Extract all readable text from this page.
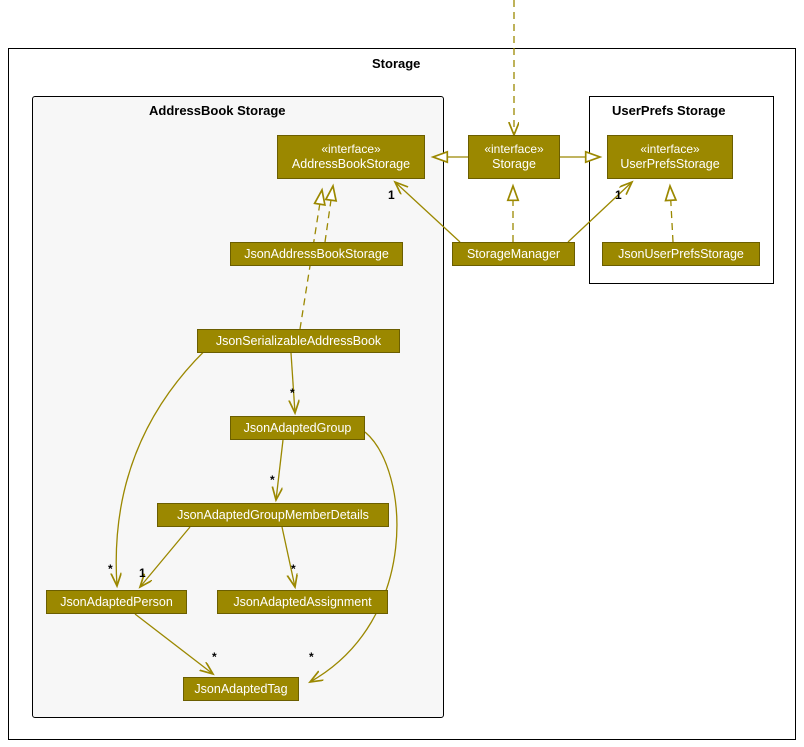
Storage
AddressBook Storage	UserPrefs Storage
«interface»
AddressBookStorage
«interface»
Storage
«interface»
UserPrefsStorage
JsonAddressBookStorage	StorageManager	JsonUserPrefsStorage
JsonSerializableAddressBook
JsonAdaptedGroup
JsonAdaptedGroupMemberDetails
JsonAdaptedPerson	JsonAdaptedAssignment
JsonAdaptedTag
1	1
*
*
* 1	*
*	*
